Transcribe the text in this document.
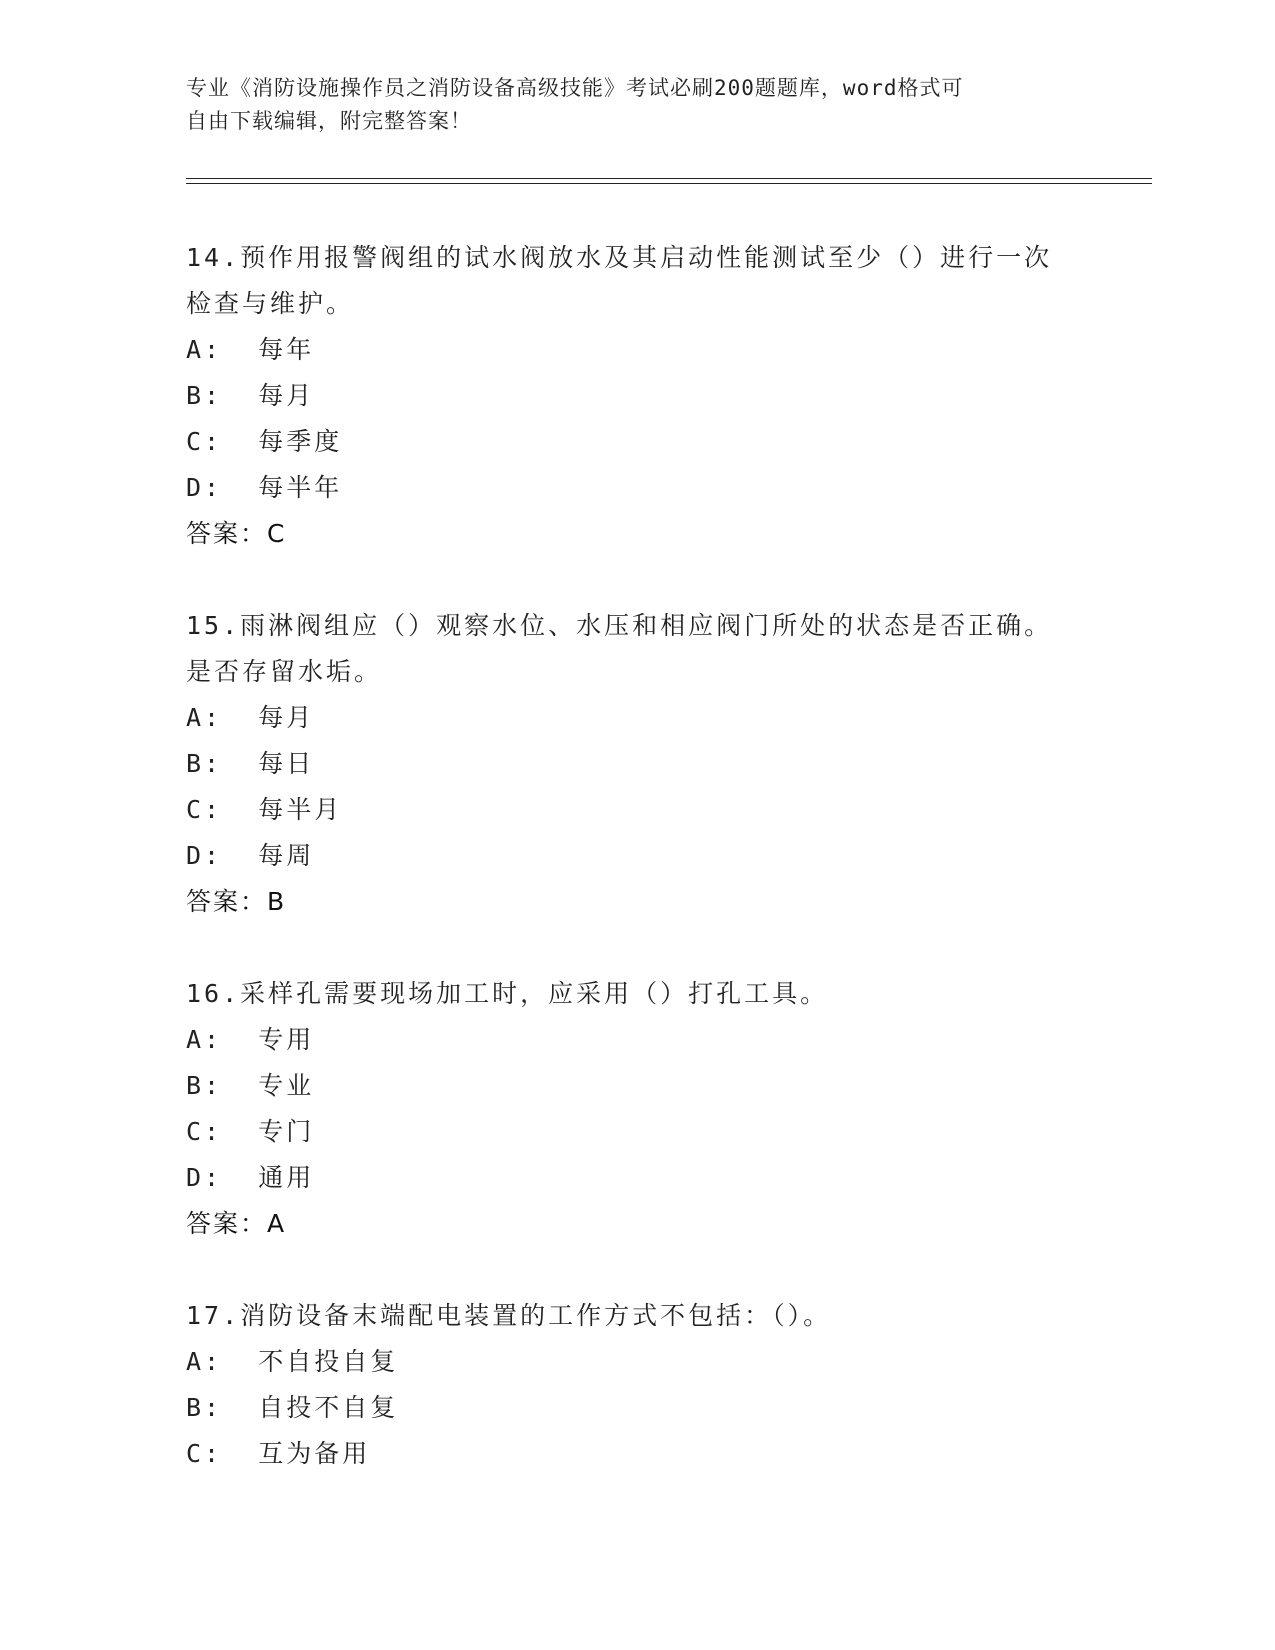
专业《消防设施操作员之消防设备高级技能》考试必刷200题题库，word格式可
自由下载编辑，附完整答案！
14.预作用报警阀组的试水阀放水及其启动性能测试至少（）进行一次
检查与维护。
A:  每年
B:  每月
C:  每季度
D:  每半年
答案：C
15.雨淋阀组应（）观察水位、水压和相应阀门所处的状态是否正确。
是否存留水垢。
A:  每月
B:  每日
C:  每半月
D:  每周
答案：B
16.采样孔需要现场加工时，应采用（）打孔工具。
A:  专用
B:  专业
C:  专门
D:  通用
答案：A
17.消防设备末端配电装置的工作方式不包括：（）。
A:  不自投自复
B:  自投不自复
C:  互为备用
